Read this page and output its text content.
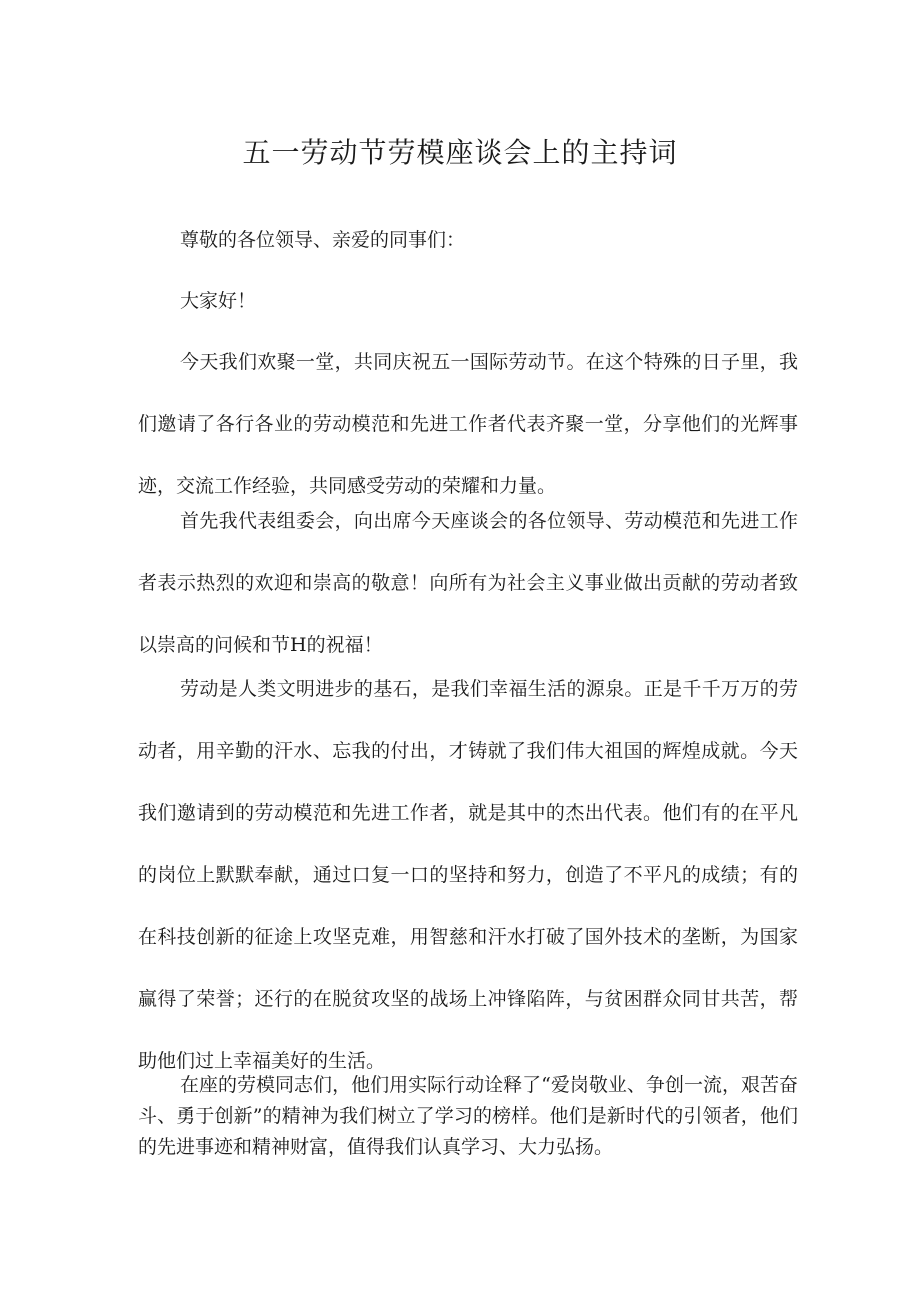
五一劳动节劳模座谈会上的主持词

尊敬的各位领导、亲爱的同事们：

大家好！

今天我们欢聚一堂，共同庆祝五一国际劳动节。在这个特殊的日子里，我们邀请了各行各业的劳动模范和先进工作者代表齐聚一堂，分享他们的光辉事迹，交流工作经验，共同感受劳动的荣耀和力量。

首先我代表组委会，向出席今天座谈会的各位领导、劳动模范和先进工作者表示热烈的欢迎和崇高的敬意！向所有为社会主义事业做出贡献的劳动者致以崇高的问候和节H的祝福！

劳动是人类文明进步的基石，是我们幸福生活的源泉。正是千千万万的劳动者，用辛勤的汗水、忘我的付出，才铸就了我们伟大祖国的辉煌成就。今天我们邀请到的劳动模范和先进工作者，就是其中的杰出代表。他们有的在平凡的岗位上默默奉献，通过口复一口的坚持和努力，创造了不平凡的成绩；有的在科技创新的征途上攻坚克难，用智慈和汗水打破了国外技术的垄断，为国家赢得了荣誉；还行的在脱贫攻坚的战场上冲锋陷阵，与贫困群众同甘共苦，帮助他们过上幸福美好的生活。

在座的劳模同志们，他们用实际行动诠释了“爱岗敬业、争创一流，艰苦奋斗、勇于创新”的精神为我们树立了学习的榜样。他们是新时代的引领者，他们的先进事迹和精神财富，值得我们认真学习、大力弘扬。
